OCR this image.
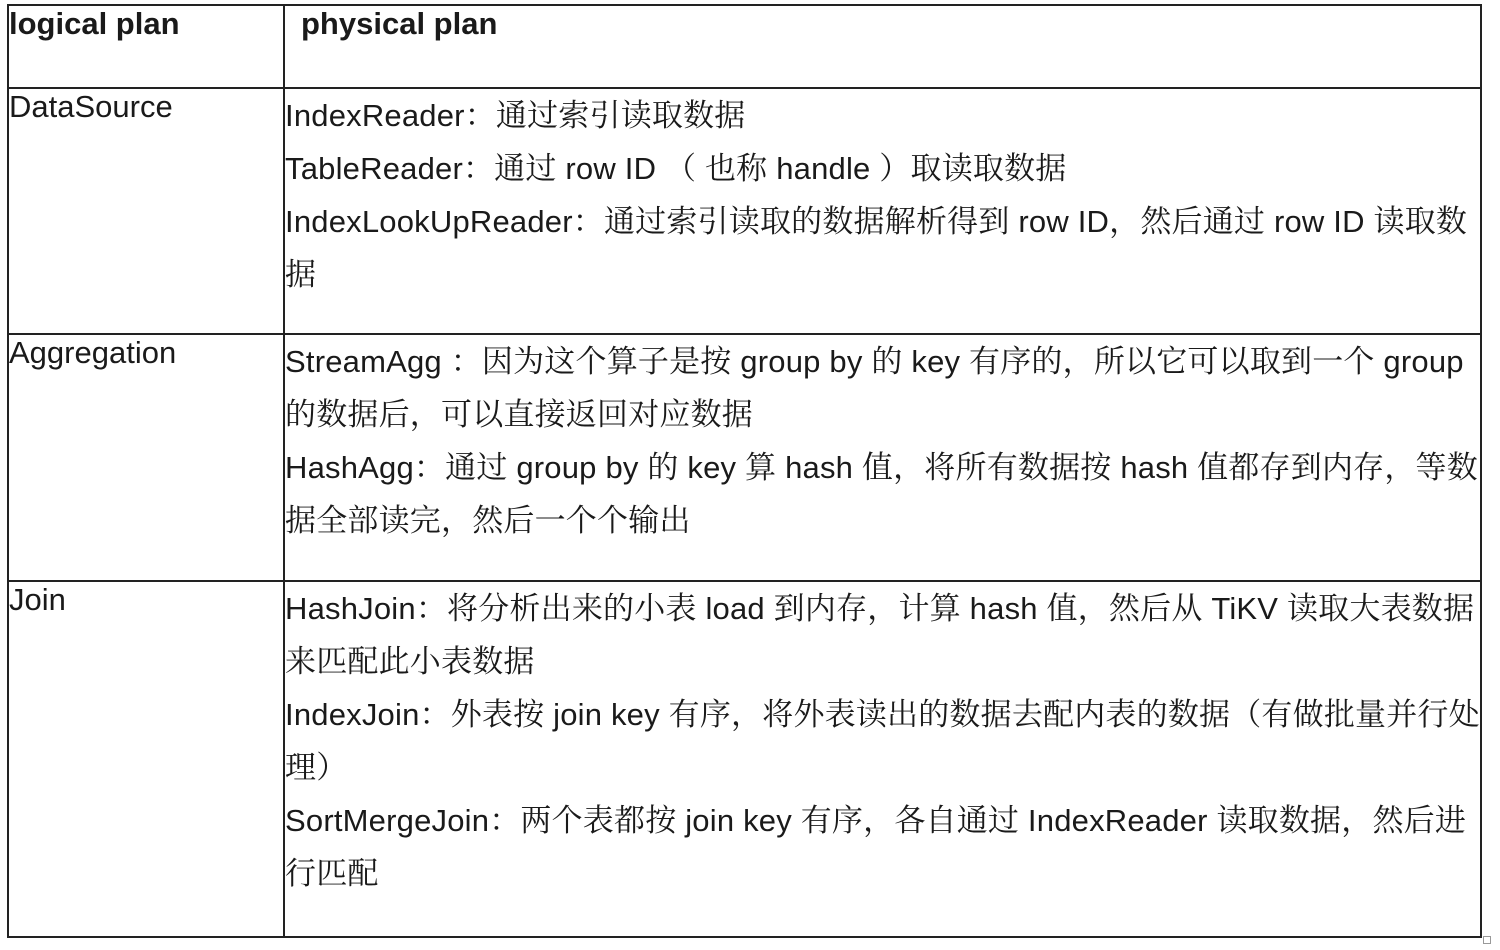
logical plan	physical plan
DataSource	IndexReader：通过索引读取数据
TableReader：通过 row ID （ 也称 handle ）取读取数据
IndexLookUpReader：通过索引读取的数据解析得到 row ID，然后通过 row ID 读取数据

Aggregation	StreamAgg ：因为这个算子是按 group by 的 key 有序的，所以它可以取到一个 group 的数据后，可以直接返回对应数据
HashAgg：通过 group by 的 key 算 hash 值，将所有数据按 hash 值都存到内存，等数据全部读完，然后一个个输出

Join	HashJoin：将分析出来的小表 load 到内存，计算 hash 值，然后从 TiKV 读取大表数据来匹配此小表数据
IndexJoin：外表按 join key 有序，将外表读出的数据去配内表的数据（有做批量并行处理）
SortMergeJoin：两个表都按 join key 有序，各自通过 IndexReader 读取数据，然后进行匹配
